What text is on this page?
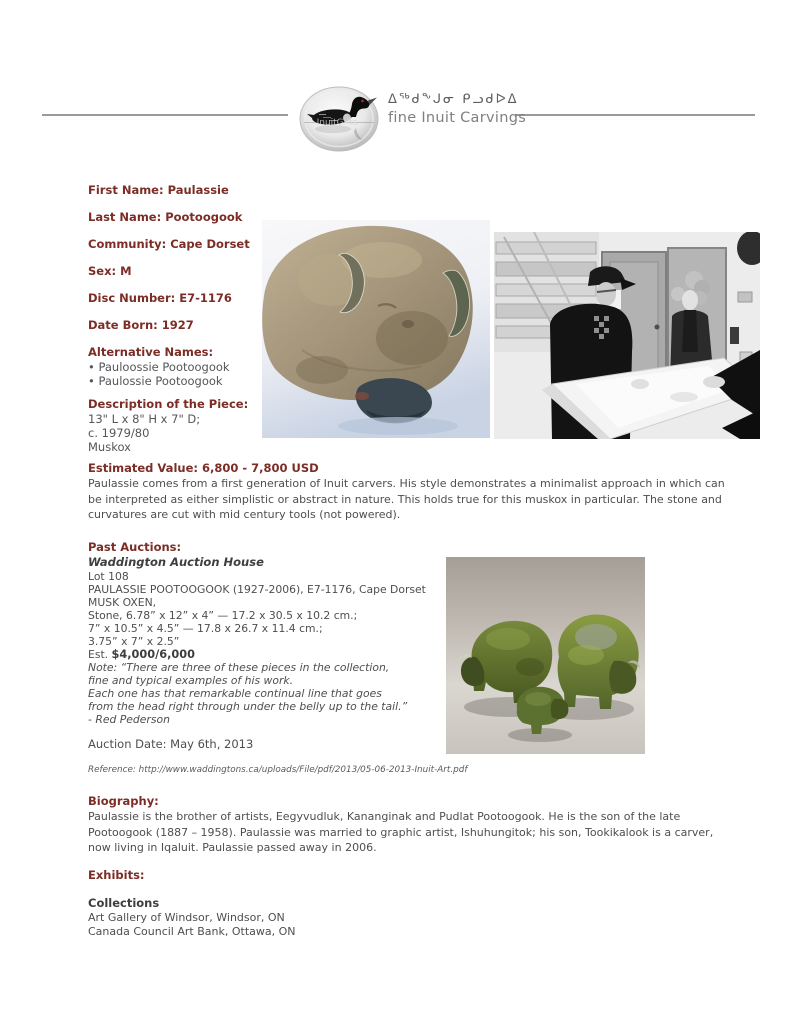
InuitGifts
ᐃᖅᑯᖕᒍᓂ ᑭᓗᑯᐅᐃ
fine Inuit Carvings
First Name: Paulassie
Last Name: Pootoogook
Community: Cape Dorset
Sex: M
Disc Number: E7-1176
Date Born: 1927
Alternative Names:
• Pauloossie Pootoogook
• Paulossie Pootoogook
Description of the Piece:
13" L x 8" H x 7" D;
c. 1979/80
Muskox
Estimated Value: 6,800 - 7,800 USD
Paulassie comes from a first generation of Inuit carvers. His style demonstrates a minimalist approach in which can
be interpreted as either simplistic or abstract in nature. This holds true for this muskox in particular. The stone and
curvatures are cut with mid century tools (not powered).
Past Auctions:
Waddington Auction House
Lot 108
PAULASSIE POOTOOGOOK (1927-2006), E7-1176, Cape Dorset
MUSK OXEN,
Stone, 6.78” x 12” x 4” — 17.2 x 30.5 x 10.2 cm.;
7” x 10.5” x 4.5” — 17.8 x 26.7 x 11.4 cm.;
3.75” x 7” x 2.5”
Est. $4,000/6,000
Note: “There are three of these pieces in the collection,
fine and typical examples of his work.
Each one has that remarkable continual line that goes
from the head right through under the belly up to the tail.”
- Red Pederson
Auction Date: May 6th, 2013
Reference: http://www.waddingtons.ca/uploads/File/pdf/2013/05-06-2013-Inuit-Art.pdf
Biography:
Paulassie is the brother of artists, Eegyvudluk, Kananginak and Pudlat Pootoogook. He is the son of the late
Pootoogook (1887 – 1958). Paulassie was married to graphic artist, Ishuhungitok; his son, Tookikalook is a carver,
now living in Iqaluit. Paulassie passed away in 2006.
Exhibits:
Collections
Art Gallery of Windsor, Windsor, ON
Canada Council Art Bank, Ottawa, ON
